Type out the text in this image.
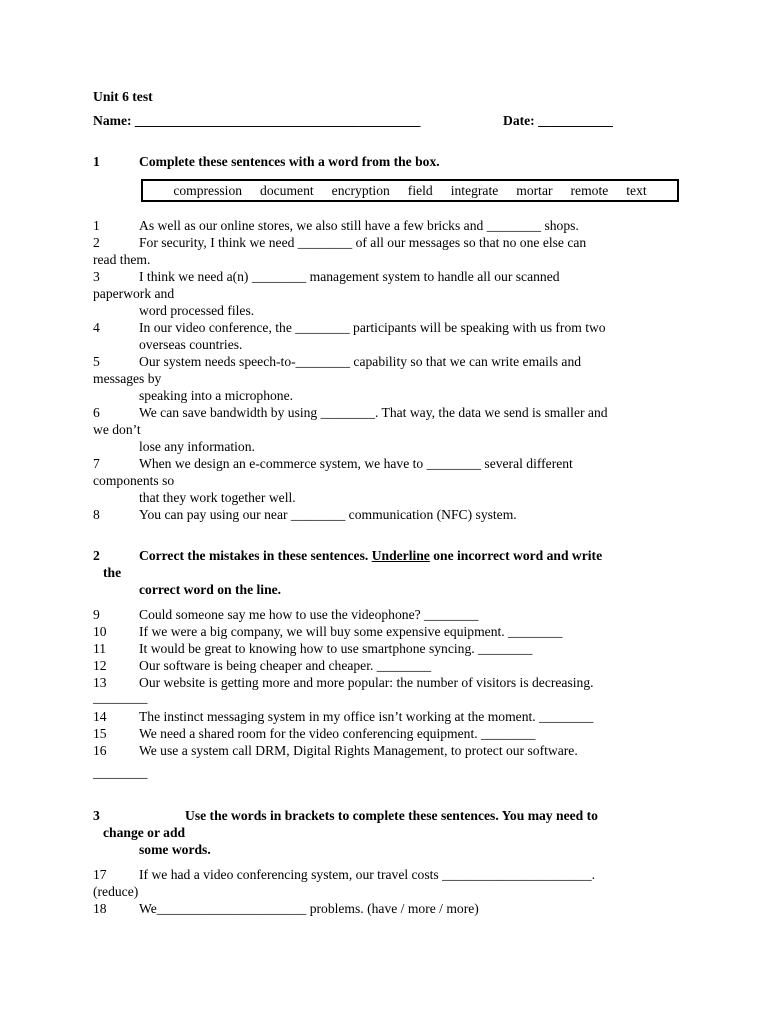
Unit 6 test
Name: __________________________________________	Date: ___________
1	Complete these sentences with a word from the box.
compression document encryption field integrate mortar remote text
1	As well as our online stores, we also still have a few bricks and ________ shops.
2	For security, I think we need ________ of all our messages so that no one else can
read them.
3	I think we need a(n) ________ management system to handle all our scanned
paperwork and
word processed files.
4	In our video conference, the ________ participants will be speaking with us from two
overseas countries.
5	Our system needs speech-to-________ capability so that we can write emails and
messages by
speaking into a microphone.
6	We can save bandwidth by using ________. That way, the data we send is smaller and
we don’t
lose any information.
7	When we design an e-commerce system, we have to ________ several different
components so
that they work together well.
8	You can pay using our near ________ communication (NFC) system.
2	Correct the mistakes in these sentences. Underline one incorrect word and write
the
correct word on the line.
9	Could someone say me how to use the videophone? ________
10	If we were a big company, we will buy some expensive equipment. ________
11	It would be great to knowing how to use smartphone syncing. ________
12	Our software is being cheaper and cheaper. ________
13	Our website is getting more and more popular: the number of visitors is decreasing.
________
14	The instinct messaging system in my office isn’t working at the moment. ________
15	We need a shared room for the video conferencing equipment. ________
16	We use a system call DRM, Digital Rights Management, to protect our software.
________
3	Use the words in brackets to complete these sentences. You may need to
change or add
some words.
17	If we had a video conferencing system, our travel costs ______________________.
(reduce)
18	We______________________ problems. (have / more / more)
